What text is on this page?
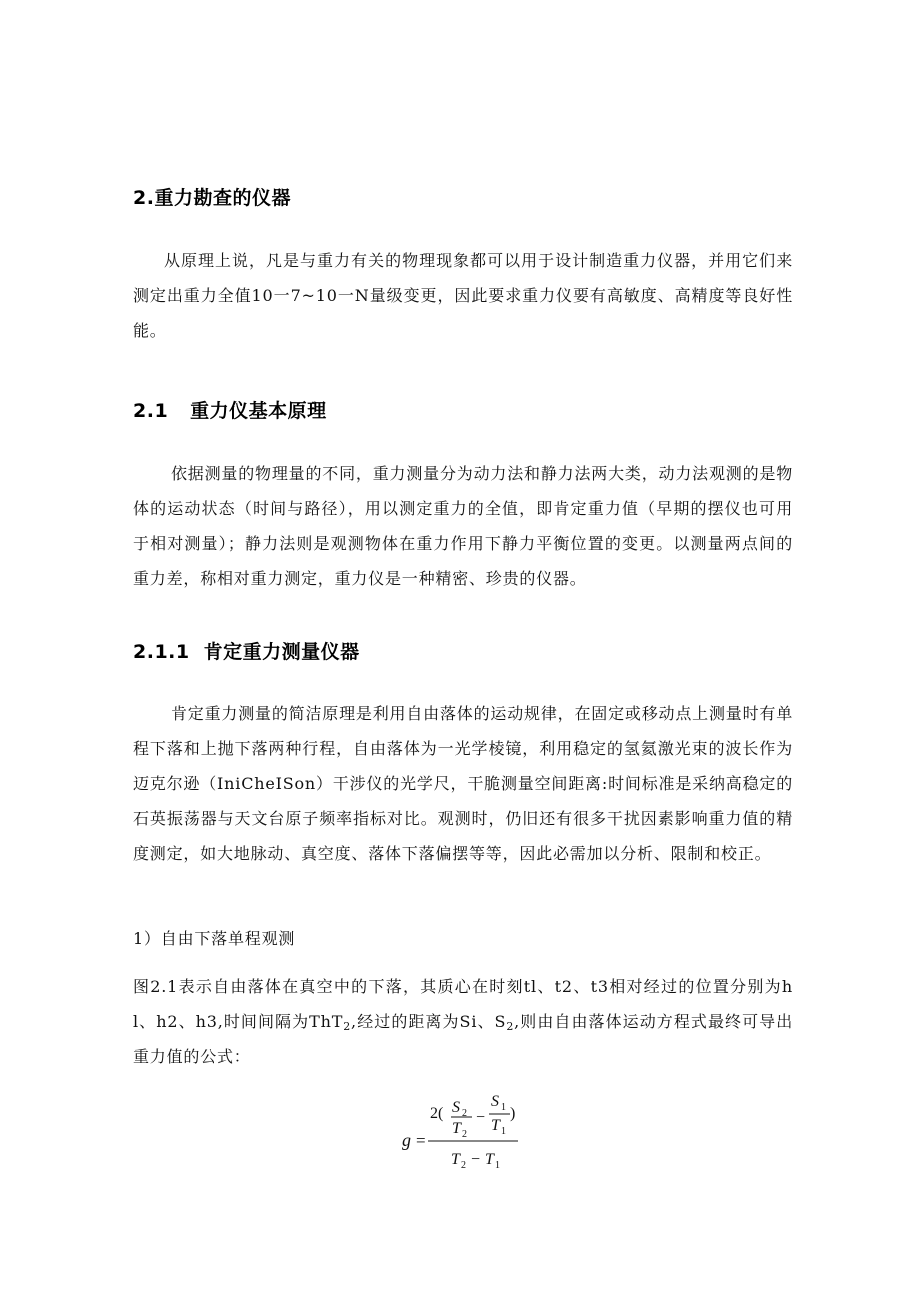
2.重力勘查的仪器

从原理上说，凡是与重力有关的物理现象都可以用于设计制造重力仪器，并用它们来测定出重力全值10一7~10一N量级变更，因此要求重力仪要有高敏度、高精度等良好性能。

2.1 重力仪基本原理

依据测量的物理量的不同，重力测量分为动力法和静力法两大类，动力法观测的是物体的运动状态（时间与路径），用以测定重力的全值，即肯定重力值（早期的摆仪也可用于相对测量）；静力法则是观测物体在重力作用下静力平衡位置的变更。以测量两点间的重力差，称相对重力测定，重力仪是一种精密、珍贵的仪器。

2.1.1 肯定重力测量仪器

肯定重力测量的简洁原理是利用自由落体的运动规律，在固定或移动点上测量时有单程下落和上抛下落两种行程，自由落体为一光学棱镜，利用稳定的氢氦激光束的波长作为迈克尔逊（IniCheISon）干涉仪的光学尺，干脆测量空间距离:时间标准是采纳高稳定的石英振荡器与天文台原子频率指标对比。观测时，仍旧还有很多干扰因素影响重力值的精度测定，如大地脉动、真空度、落体下落偏摆等等，因此必需加以分析、限制和校正。

1）自由下落单程观测

图2.1表示自由落体在真空中的下落，其质心在时刻tl、t2、t3相对经过的位置分别为hl、h2、h3,时间间隔为ThT$_2$,经过的距离为Si、$S_2$,则由自由落体运动方程式最终可导出重力值的公式：

g =
2( S 2
T 2
−
S 1
T 1
)
T 2 − T 1
